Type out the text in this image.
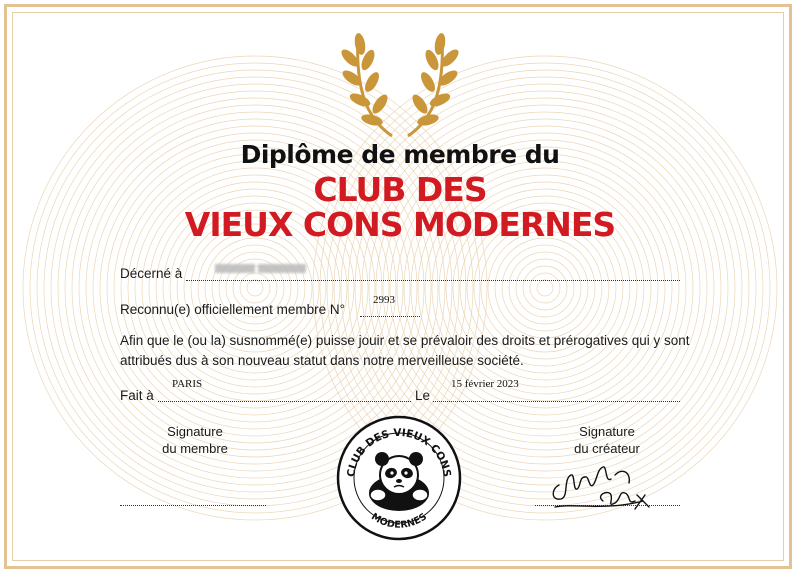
Diplôme de membre du
CLUB DES
VIEUX CONS MODERNES
Décerné à
Reconnu(e) officiellement membre N°
2993
Afin que le (ou la) susnommé(e) puisse jouir et se prévaloir des droits et prérogatives qui y sont attribués dus à son nouveau statut dans notre merveilleuse société.
Fait à
PARIS
Le
15 février 2023
Signature
du membre
Signature
du créateur
CLUB DES VIEUX CONS
MODERNES
